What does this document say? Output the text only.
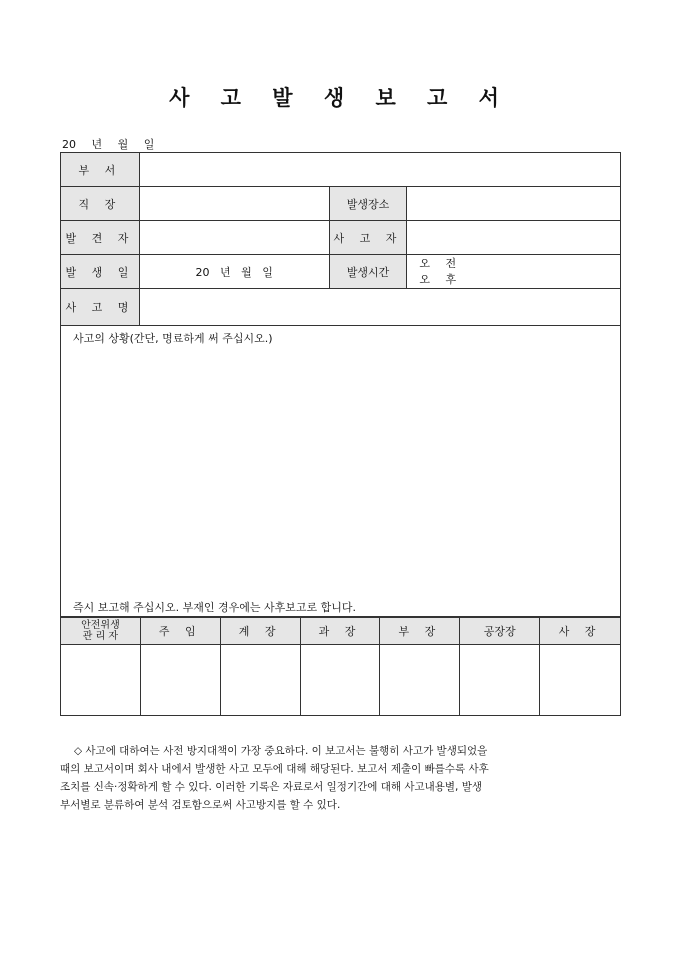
사 고 발 생 보 고 서
20 년 월 일
부 서			
직 장		발생장소	
발 견 자		사 고 자	
발 생 일	20   년   월   일	발생시간	오 전
오 후

사 고 명			
사고의 상황(간단, 명료하게 써 주십시오.)
즉시 보고해 주십시오. 부재인 경우에는 사후보고로 합니다.
안전위생
관 리 자	주 임	계 장	과 장	부 장	공장장	사 장

◇ 사고에 대하여는 사전 방지대책이 가장 중요하다. 이 보고서는 불행히 사고가 발생되었을
때의 보고서이며 회사 내에서 발생한 사고 모두에 대해 해당된다. 보고서 제출이 빠를수록 사후
조치를 신속·정확하게 할 수 있다. 이러한 기록은 자료로서 일정기간에 대해 사고내용별, 발생
부서별로 분류하여 분석 검토함으로써 사고방지를 할 수 있다.
